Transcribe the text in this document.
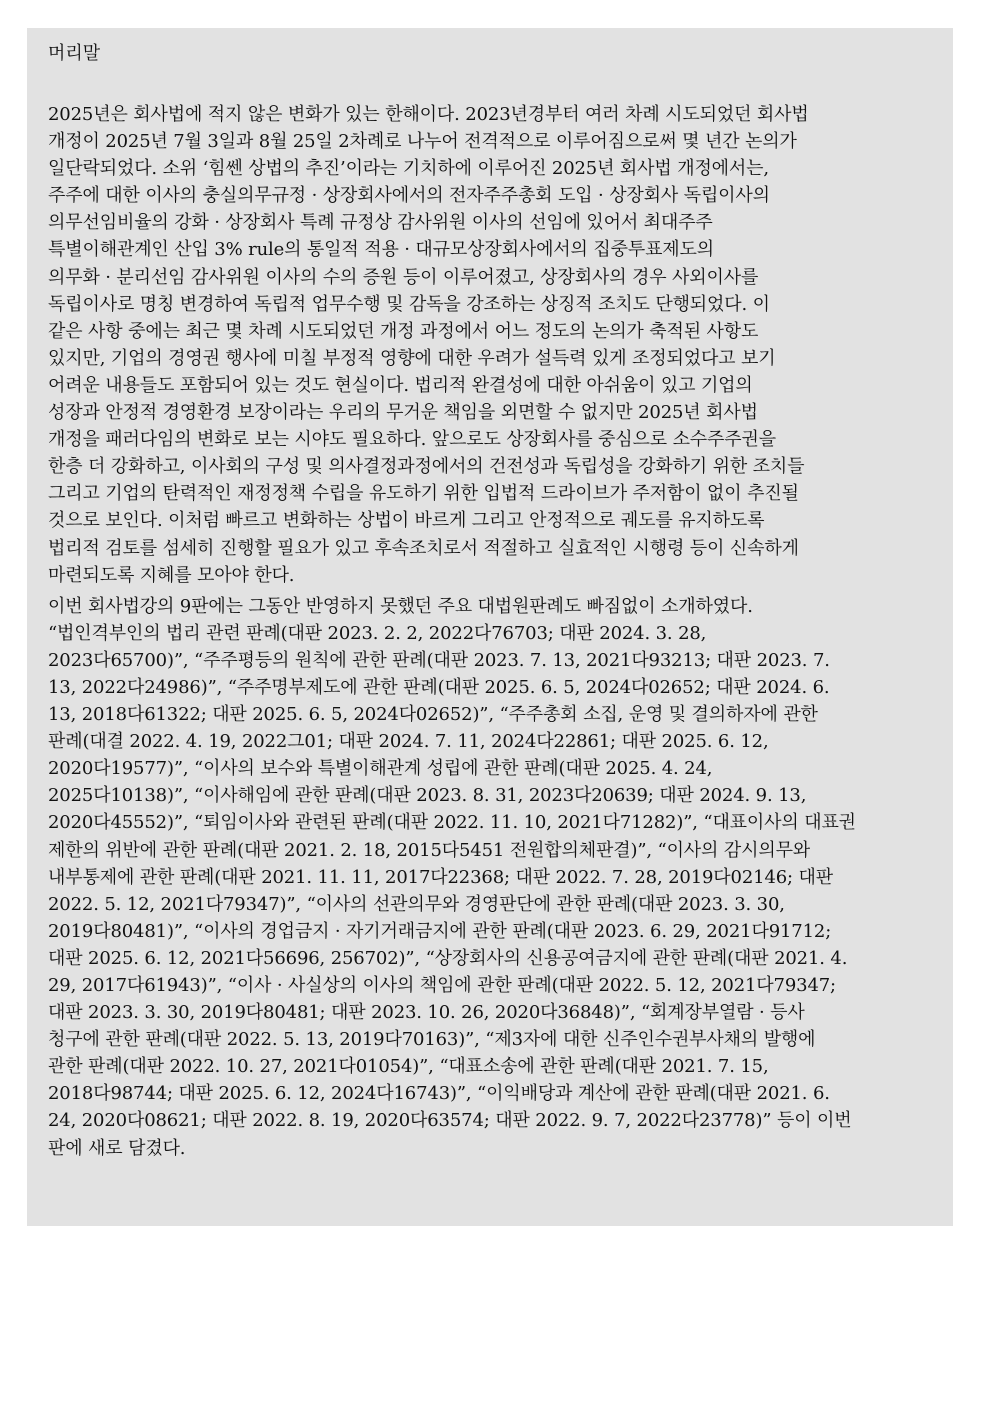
머리말
2025년은 회사법에 적지 않은 변화가 있는 한해이다. 2023년경부터 여러 차례 시도되었던 회사법
개정이 2025년 7월 3일과 8월 25일 2차례로 나누어 전격적으로 이루어짐으로써 몇 년간 논의가
일단락되었다. 소위 ‘힘쎈 상법의 추진’이라는 기치하에 이루어진 2025년 회사법 개정에서는,
주주에 대한 이사의 충실의무규정 · 상장회사에서의 전자주주총회 도입 · 상장회사 독립이사의
의무선임비율의 강화 · 상장회사 특례 규정상 감사위원 이사의 선임에 있어서 최대주주
특별이해관계인 산입 3% rule의 통일적 적용 · 대규모상장회사에서의 집중투표제도의
의무화 · 분리선임 감사위원 이사의 수의 증원 등이 이루어졌고, 상장회사의 경우 사외이사를
독립이사로 명칭 변경하여 독립적 업무수행 및 감독을 강조하는 상징적 조치도 단행되었다. 이
같은 사항 중에는 최근 몇 차례 시도되었던 개정 과정에서 어느 정도의 논의가 축적된 사항도
있지만, 기업의 경영권 행사에 미칠 부정적 영향에 대한 우려가 설득력 있게 조정되었다고 보기
어려운 내용들도 포함되어 있는 것도 현실이다. 법리적 완결성에 대한 아쉬움이 있고 기업의
성장과 안정적 경영환경 보장이라는 우리의 무거운 책임을 외면할 수 없지만 2025년 회사법
개정을 패러다임의 변화로 보는 시야도 필요하다. 앞으로도 상장회사를 중심으로 소수주주권을
한층 더 강화하고, 이사회의 구성 및 의사결정과정에서의 건전성과 독립성을 강화하기 위한 조치들
그리고 기업의 탄력적인 재정정책 수립을 유도하기 위한 입법적 드라이브가 주저함이 없이 추진될
것으로 보인다. 이처럼 빠르고 변화하는 상법이 바르게 그리고 안정적으로 궤도를 유지하도록
법리적 검토를 섬세히 진행할 필요가 있고 후속조치로서 적절하고 실효적인 시행령 등이 신속하게
마련되도록 지혜를 모아야 한다.
이번 회사법강의 9판에는 그동안 반영하지 못했던 주요 대법원판례도 빠짐없이 소개하였다.
“법인격부인의 법리 관련 판례(대판 2023. 2. 2, 2022다76703; 대판 2024. 3. 28,
2023다65700)”, “주주평등의 원칙에 관한 판례(대판 2023. 7. 13, 2021다93213; 대판 2023. 7.
13, 2022다24986)”, “주주명부제도에 관한 판례(대판 2025. 6. 5, 2024다02652; 대판 2024. 6.
13, 2018다61322; 대판 2025. 6. 5, 2024다02652)”, “주주총회 소집, 운영 및 결의하자에 관한
판례(대결 2022. 4. 19, 2022그01; 대판 2024. 7. 11, 2024다22861; 대판 2025. 6. 12,
2020다19577)”, “이사의 보수와 특별이해관계 성립에 관한 판례(대판 2025. 4. 24,
2025다10138)”, “이사해임에 관한 판례(대판 2023. 8. 31, 2023다20639; 대판 2024. 9. 13,
2020다45552)”, “퇴임이사와 관련된 판례(대판 2022. 11. 10, 2021다71282)”, “대표이사의 대표권
제한의 위반에 관한 판례(대판 2021. 2. 18, 2015다5451 전원합의체판결)”, “이사의 감시의무와
내부통제에 관한 판례(대판 2021. 11. 11, 2017다22368; 대판 2022. 7. 28, 2019다02146; 대판
2022. 5. 12, 2021다79347)”, “이사의 선관의무와 경영판단에 관한 판례(대판 2023. 3. 30,
2019다80481)”, “이사의 경업금지 · 자기거래금지에 관한 판례(대판 2023. 6. 29, 2021다91712;
대판 2025. 6. 12, 2021다56696, 256702)”, “상장회사의 신용공여금지에 관한 판례(대판 2021. 4.
29, 2017다61943)”, “이사 · 사실상의 이사의 책임에 관한 판례(대판 2022. 5. 12, 2021다79347;
대판 2023. 3. 30, 2019다80481; 대판 2023. 10. 26, 2020다36848)”, “회계장부열람 · 등사
청구에 관한 판례(대판 2022. 5. 13, 2019다70163)”, “제3자에 대한 신주인수권부사채의 발행에
관한 판례(대판 2022. 10. 27, 2021다01054)”, “대표소송에 관한 판례(대판 2021. 7. 15,
2018다98744; 대판 2025. 6. 12, 2024다16743)”, “이익배당과 계산에 관한 판례(대판 2021. 6.
24, 2020다08621; 대판 2022. 8. 19, 2020다63574; 대판 2022. 9. 7, 2022다23778)” 등이 이번
판에 새로 담겼다.
